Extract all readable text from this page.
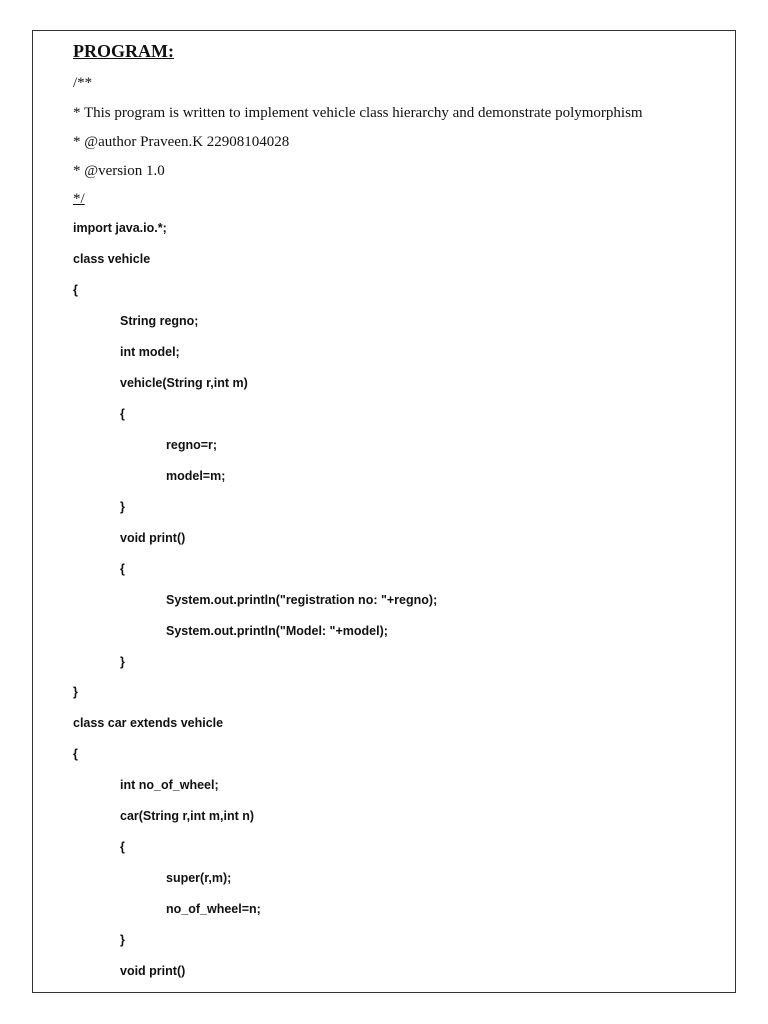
PROGRAM:
/**
* This program is written to implement vehicle class hierarchy and demonstrate polymorphism
* @author Praveen.K 22908104028
* @version 1.0
*/
import java.io.*;
class vehicle
{
String regno;
int model;
vehicle(String r,int m)
{
regno=r;
model=m;
}
void print()
{
System.out.println("registration no: "+regno);
System.out.println("Model: "+model);
}
}
class car extends vehicle
{
int no_of_wheel;
car(String r,int m,int n)
{
super(r,m);
no_of_wheel=n;
}
void print()
